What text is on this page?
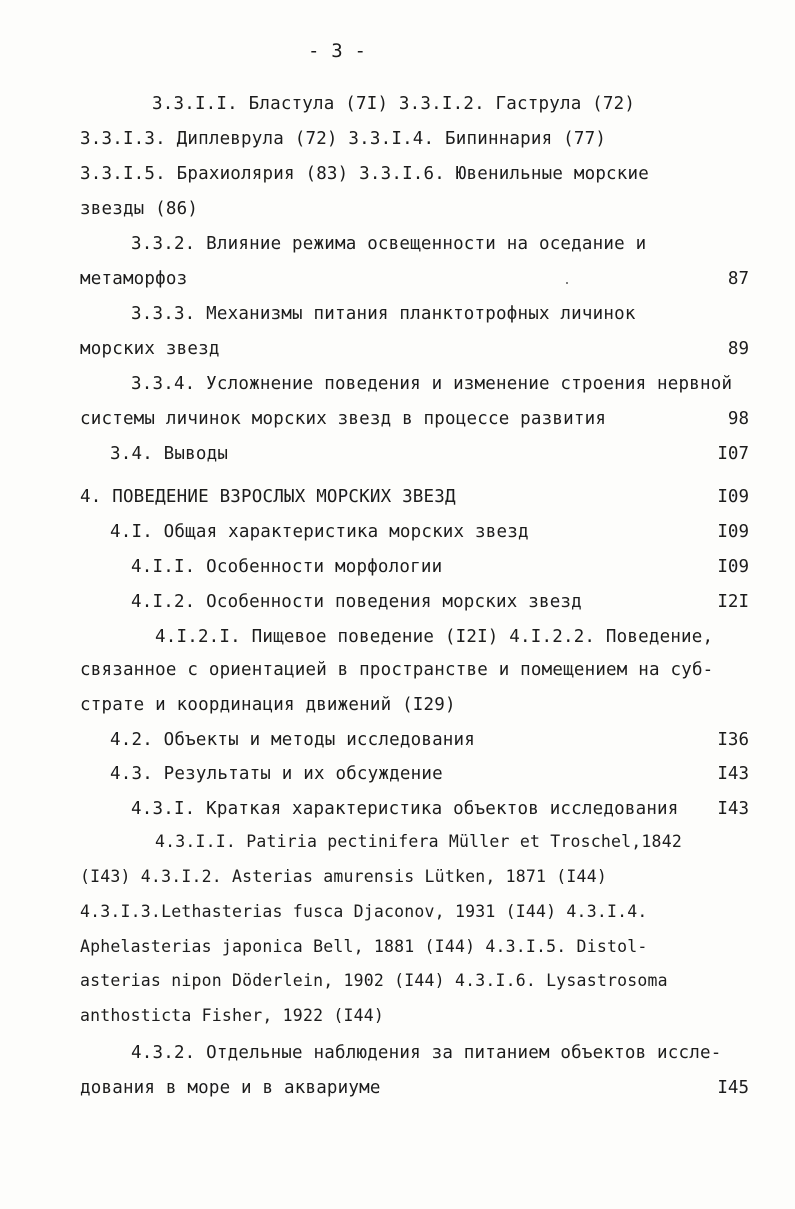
- 3 -
3.3.I.I. Бластула (7I) 3.3.I.2. Гаструла (72)
3.3.I.3. Диплеврула (72) 3.3.I.4. Бипиннария (77)
3.3.I.5. Брахиолярия (83) 3.3.I.6. Ювенильные морские
звезды (86)
3.3.2. Влияние режима освещенности на оседание и
метаморфоз	87
3.3.3. Механизмы питания планктотрофных личинок
морских звезд	89
3.3.4. Усложнение поведения и изменение строения нервной
системы личинок морских звезд в процессе развития	98
3.4. Выводы	I07
4. ПОВЕДЕНИЕ ВЗРОСЛЫХ МОРСКИХ ЗВЕЗД	I09
4.I. Общая характеристика морских звезд	I09
4.I.I. Особенности морфологии	I09
4.I.2. Особенности поведения морских звезд	I2I
4.I.2.I. Пищевое поведение (I2I) 4.I.2.2. Поведение,
связанное с ориентацией в пространстве и помещением на суб-
страте и координация движений (I29)
4.2. Объекты и методы исследования	I36
4.3. Результаты и их обсуждение	I43
4.3.I. Краткая характеристика объектов исследования I43
4.3.I.I. Patiria pectinifera Müller et Troschel,1842
(I43) 4.3.I.2. Asterias amurensis Lütken, 1871 (I44)
4.3.I.3.Lethasterias fusca Djaconov, 1931 (I44) 4.3.I.4.
Aphelasterias japonica Bell, 1881 (I44) 4.3.I.5. Distol-
asterias nipon Döderlein, 1902 (I44) 4.3.I.6. Lysastrosoma
anthosticta Fisher, 1922 (I44)
4.3.2. Отдельные наблюдения за питанием объектов иссле-
дования в море и в аквариуме	I45
